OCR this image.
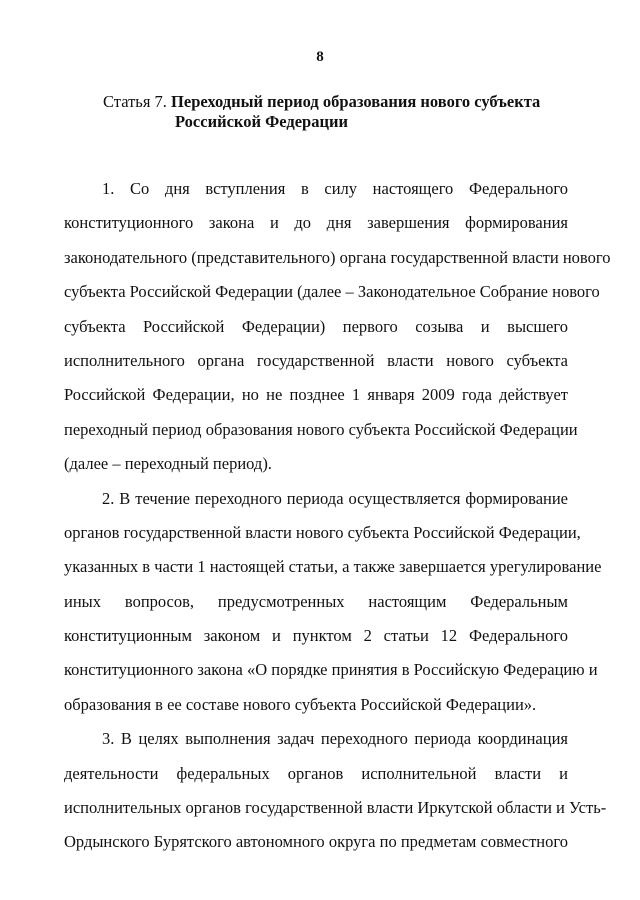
8
Статья 7. Переходный период образования нового субъекта
Российской Федерации
1. Со дня вступления в силу настоящего Федерального
конституционного закона и до дня завершения формирования
законодательного (представительного) органа государственной власти нового
субъекта Российской Федерации (далее – Законодательное Собрание нового
субъекта Российской Федерации) первого созыва и высшего
исполнительного органа государственной власти нового субъекта
Российской Федерации, но не позднее 1 января 2009 года действует
переходный период образования нового субъекта Российской Федерации
(далее – переходный период).
2. В течение переходного периода осуществляется формирование
органов государственной власти нового субъекта Российской Федерации,
указанных в части 1 настоящей статьи, а также завершается урегулирование
иных вопросов, предусмотренных настоящим Федеральным
конституционным законом и пунктом 2 статьи 12 Федерального
конституционного закона «О порядке принятия в Российскую Федерацию и
образования в ее составе нового субъекта Российской Федерации».
3. В целях выполнения задач переходного периода координация
деятельности федеральных органов исполнительной власти и
исполнительных органов государственной власти Иркутской области и Усть-
Ордынского Бурятского автономного округа по предметам совместного
